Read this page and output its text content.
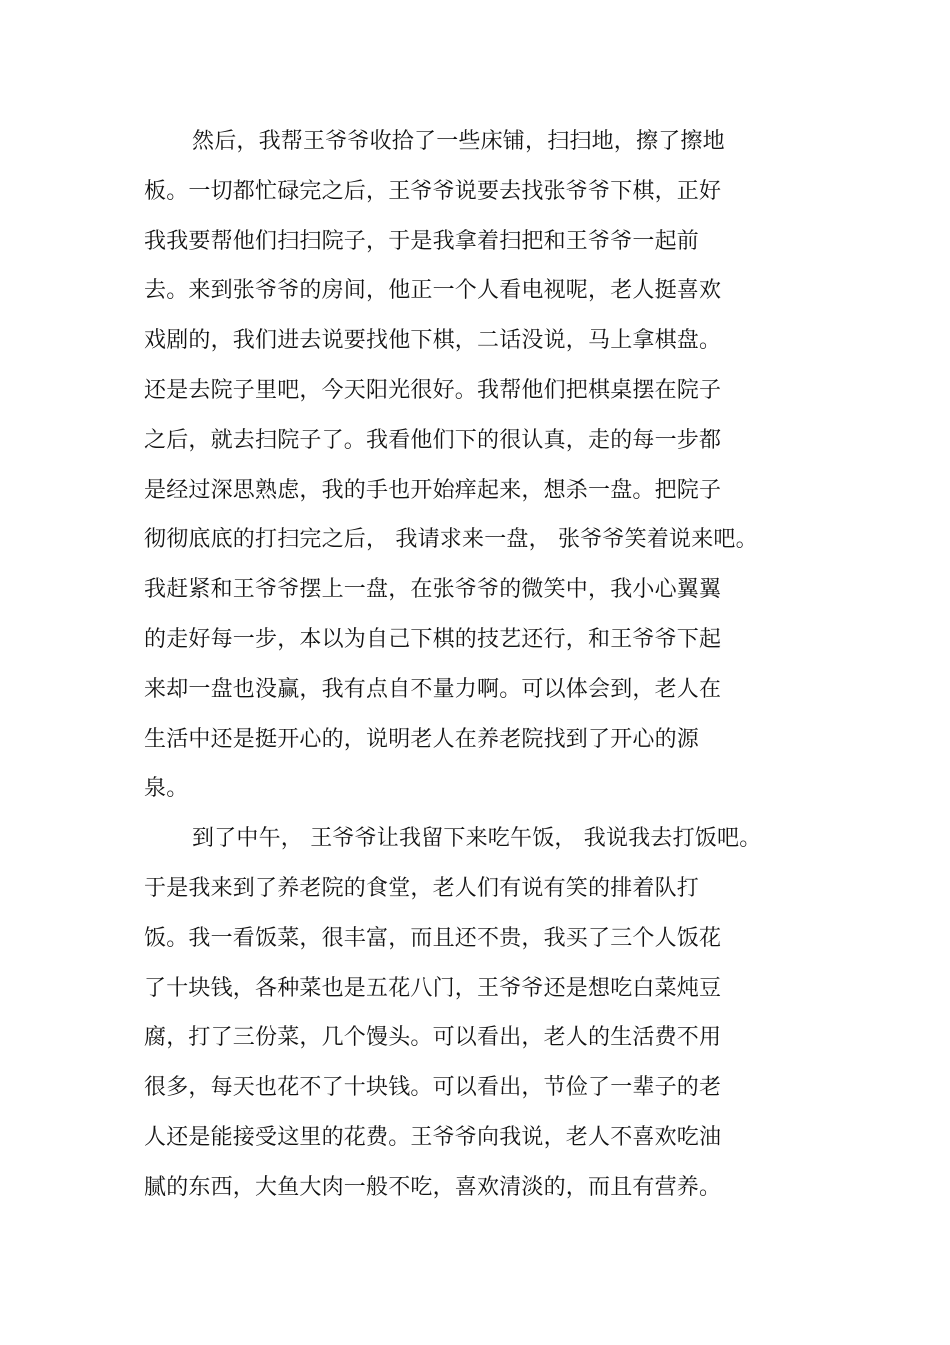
然后，我帮王爷爷收拾了一些床铺，扫扫地，擦了擦地
板。一切都忙碌完之后，王爷爷说要去找张爷爷下棋，正好
我我要帮他们扫扫院子，于是我拿着扫把和王爷爷一起前
去。来到张爷爷的房间，他正一个人看电视呢，老人挺喜欢
戏剧的，我们进去说要找他下棋，二话没说，马上拿棋盘。
还是去院子里吧，今天阳光很好。我帮他们把棋桌摆在院子
之后，就去扫院子了。我看他们下的很认真，走的每一步都
是经过深思熟虑，我的手也开始痒起来，想杀一盘。把院子
彻彻底底的打扫完之后， 我请求来一盘， 张爷爷笑着说来吧。
我赶紧和王爷爷摆上一盘，在张爷爷的微笑中，我小心翼翼
的走好每一步，本以为自己下棋的技艺还行，和王爷爷下起
来却一盘也没赢，我有点自不量力啊。可以体会到，老人在
生活中还是挺开心的，说明老人在养老院找到了开心的源
泉。
到了中午， 王爷爷让我留下来吃午饭， 我说我去打饭吧。
于是我来到了养老院的食堂，老人们有说有笑的排着队打
饭。我一看饭菜，很丰富，而且还不贵，我买了三个人饭花
了十块钱，各种菜也是五花八门，王爷爷还是想吃白菜炖豆
腐，打了三份菜，几个馒头。可以看出，老人的生活费不用
很多，每天也花不了十块钱。可以看出，节俭了一辈子的老
人还是能接受这里的花费。王爷爷向我说，老人不喜欢吃油
腻的东西，大鱼大肉一般不吃，喜欢清淡的，而且有营养。
